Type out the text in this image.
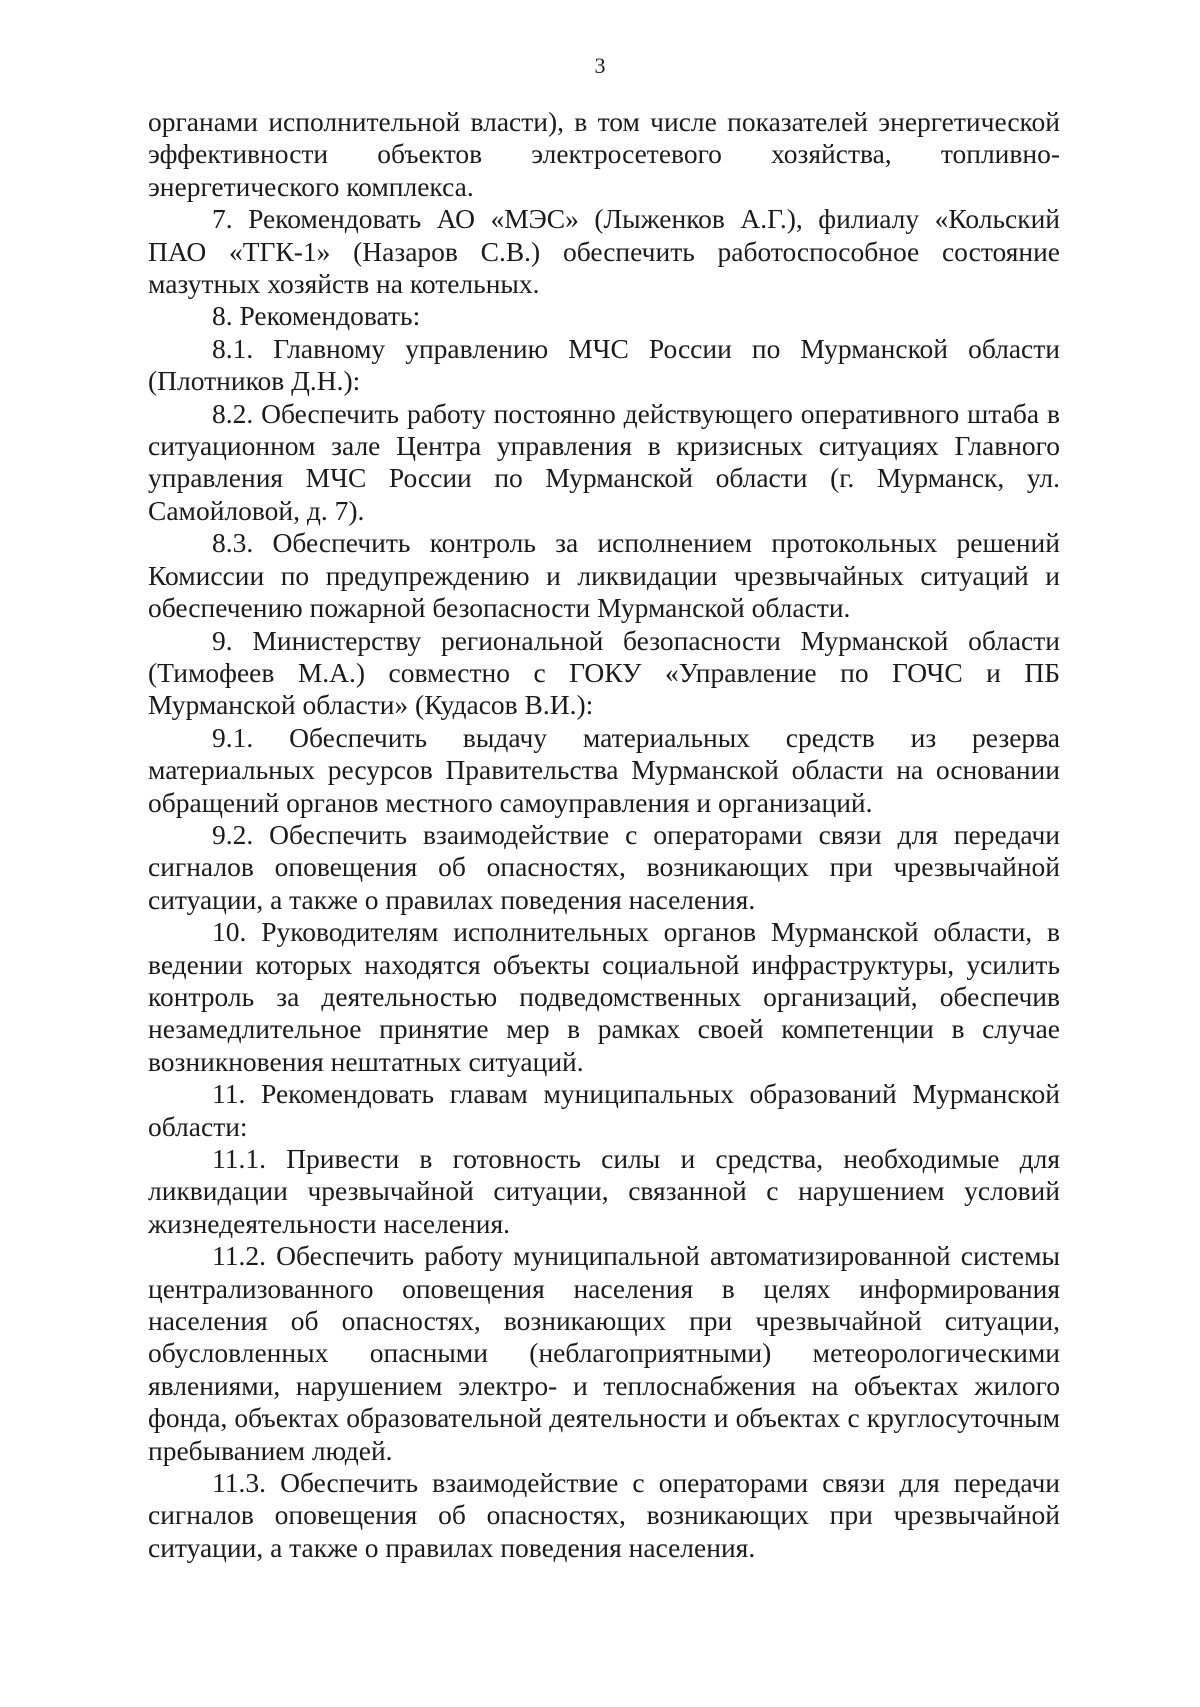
3

органами исполнительной власти), в том числе показателей энергетической эффективности объектов электросетевого хозяйства, топливно-энергетического комплекса.

7. Рекомендовать АО «МЭС» (Лыженков А.Г.), филиалу «Кольский ПАО «ТГК-1» (Назаров С.В.) обеспечить работоспособное состояние мазутных хозяйств на котельных.

8. Рекомендовать:

8.1. Главному управлению МЧС России по Мурманской области (Плотников Д.Н.):

8.2. Обеспечить работу постоянно действующего оперативного штаба в ситуационном зале Центра управления в кризисных ситуациях Главного управления МЧС России по Мурманской области (г. Мурманск, ул. Самойловой, д. 7).

8.3. Обеспечить контроль за исполнением протокольных решений Комиссии по предупреждению и ликвидации чрезвычайных ситуаций и обеспечению пожарной безопасности Мурманской области.

9. Министерству региональной безопасности Мурманской области (Тимофеев М.А.) совместно с ГОКУ «Управление по ГОЧС и ПБ Мурманской области» (Кудасов В.И.):

9.1. Обеспечить выдачу материальных средств из резерва материальных ресурсов Правительства Мурманской области на основании обращений органов местного самоуправления и организаций.

9.2. Обеспечить взаимодействие с операторами связи для передачи сигналов оповещения об опасностях, возникающих при чрезвычайной ситуации, а также о правилах поведения населения.

10. Руководителям исполнительных органов Мурманской области, в ведении которых находятся объекты социальной инфраструктуры, усилить контроль за деятельностью подведомственных организаций, обеспечив незамедлительное принятие мер в рамках своей компетенции в случае возникновения нештатных ситуаций.

11. Рекомендовать главам муниципальных образований Мурманской области:

11.1. Привести в готовность силы и средства, необходимые для ликвидации чрезвычайной ситуации, связанной с нарушением условий жизнедеятельности населения.

11.2. Обеспечить работу муниципальной автоматизированной системы централизованного оповещения населения в целях информирования населения об опасностях, возникающих при чрезвычайной ситуации, обусловленных опасными (неблагоприятными) метеорологическими явлениями, нарушением электро- и теплоснабжения на объектах жилого фонда, объектах образовательной деятельности и объектах с круглосуточным пребыванием людей.

11.3. Обеспечить взаимодействие с операторами связи для передачи сигналов оповещения об опасностях, возникающих при чрезвычайной ситуации, а также о правилах поведения населения.
